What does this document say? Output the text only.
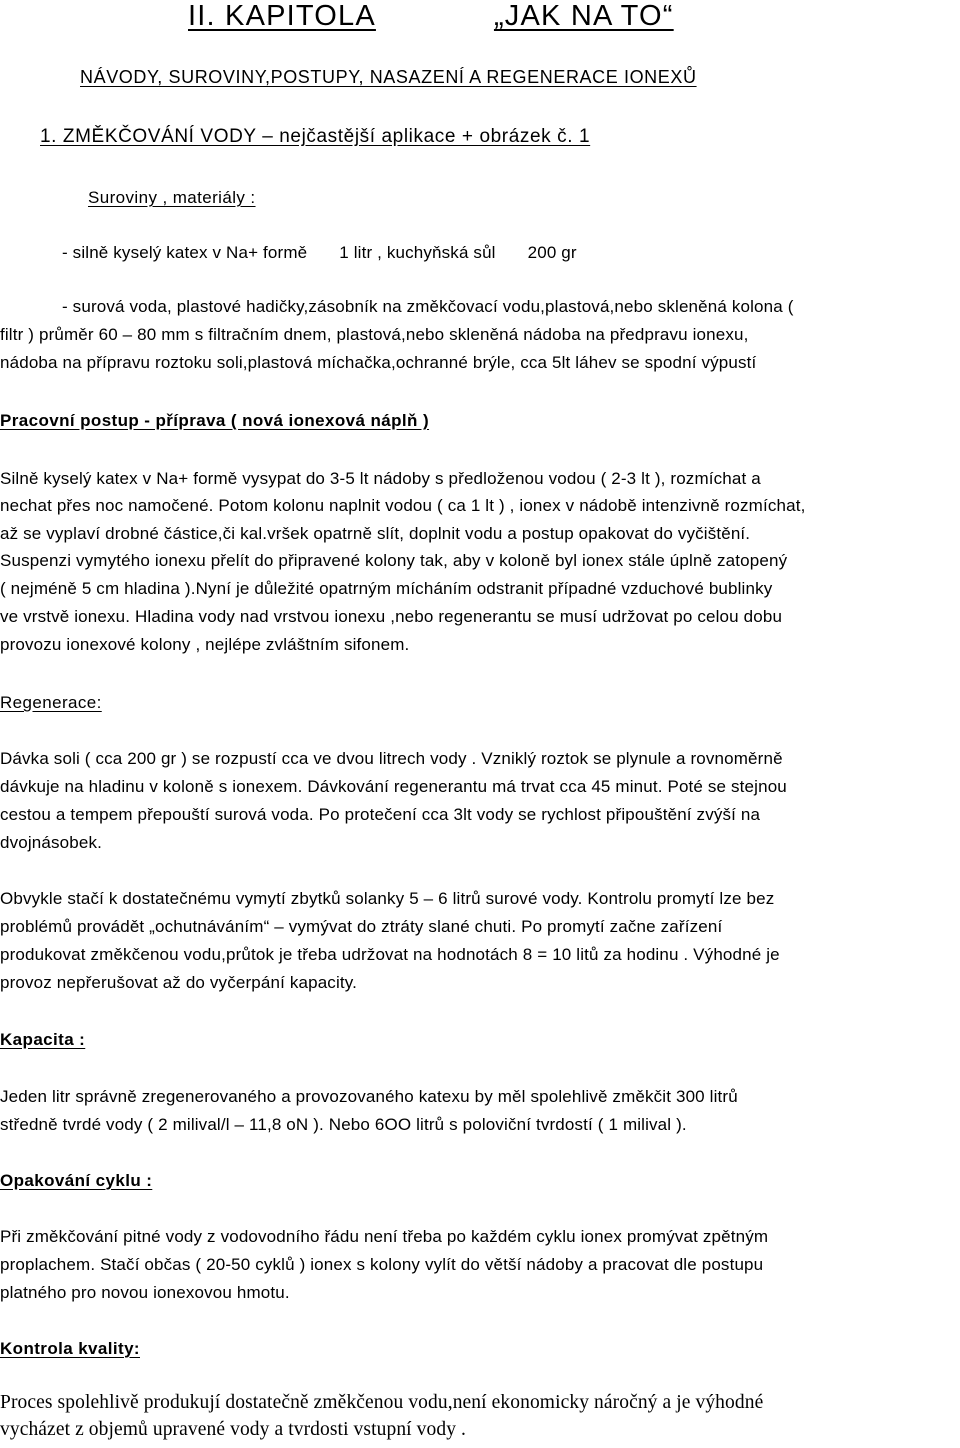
II. KAPITOLA	„JAK NA TO“
NÁVODY, SUROVINY,POSTUPY, NASAZENÍ A REGENERACE IONEXŮ
1. ZMĚKČOVÁNÍ VODY – nejčastější aplikace + obrázek č. 1
Suroviny , materiály :
- silně kyselý katex v Na+ formě 1 litr , kuchyňská sůl 200 gr
- surová voda, plastové hadičky,zásobník na změkčovací vodu,plastová,nebo skleněná kolona (
filtr ) průměr 60 – 80 mm s filtračním dnem, plastová,nebo skleněná nádoba na předpravu ionexu,
nádoba na přípravu roztoku soli,plastová míchačka,ochranné brýle, cca 5lt láhev se spodní výpustí
Pracovní postup - příprava ( nová ionexová náplň )
Silně kyselý katex v Na+ formě vysypat do 3-5 lt nádoby s předloženou vodou ( 2-3 lt ), rozmíchat a
nechat přes noc namočené. Potom kolonu naplnit vodou ( ca 1 lt ) , ionex v nádobě intenzivně rozmíchat,
až se vyplaví drobné částice,či kal.vršek opatrně slít, doplnit vodu a postup opakovat do vyčištění.
Suspenzi vymytého ionexu přelít do připravené kolony tak, aby v koloně byl ionex stále úplně zatopený
( nejméně 5 cm hladina ).Nyní je důležité opatrným mícháním odstranit případné vzduchové bublinky
ve vrstvě ionexu. Hladina vody nad vrstvou ionexu ,nebo regenerantu se musí udržovat po celou dobu
provozu ionexové kolony , nejlépe zvláštním sifonem.
Regenerace:
Dávka soli ( cca 200 gr ) se rozpustí cca ve dvou litrech vody . Vzniklý roztok se plynule a rovnoměrně
dávkuje na hladinu v koloně s ionexem. Dávkování regenerantu má trvat cca 45 minut. Poté se stejnou
cestou a tempem přepouští surová voda. Po protečení cca 3lt vody se rychlost připouštění zvýší na
dvojnásobek.
Obvykle stačí k dostatečnému vymytí zbytků solanky 5 – 6 litrů surové vody. Kontrolu promytí lze bez
problémů provádět „ochutnáváním“ – vymývat do ztráty slané chuti. Po promytí začne zařízení
produkovat změkčenou vodu,průtok je třeba udržovat na hodnotách 8 = 10 litů za hodinu . Výhodné je
provoz nepřerušovat až do vyčerpání kapacity.
Kapacita :
Jeden litr správně zregenerovaného a provozovaného katexu by měl spolehlivě změkčit 300 litrů
středně tvrdé vody ( 2 milival/l – 11,8 oN ). Nebo 6OO litrů s poloviční tvrdostí ( 1 milival ).
Opakování cyklu :
Při změkčování pitné vody z vodovodního řádu není třeba po každém cyklu ionex promývat zpětným
proplachem. Stačí občas ( 20-50 cyklů ) ionex s kolony vylít do větší nádoby a pracovat dle postupu
platného pro novou ionexovou hmotu.
Kontrola kvality:
Proces spolehlivě produkují dostatečně změkčenou vodu,není ekonomicky náročný a je výhodné
vycházet z objemů upravené vody a tvrdosti vstupní vody .
